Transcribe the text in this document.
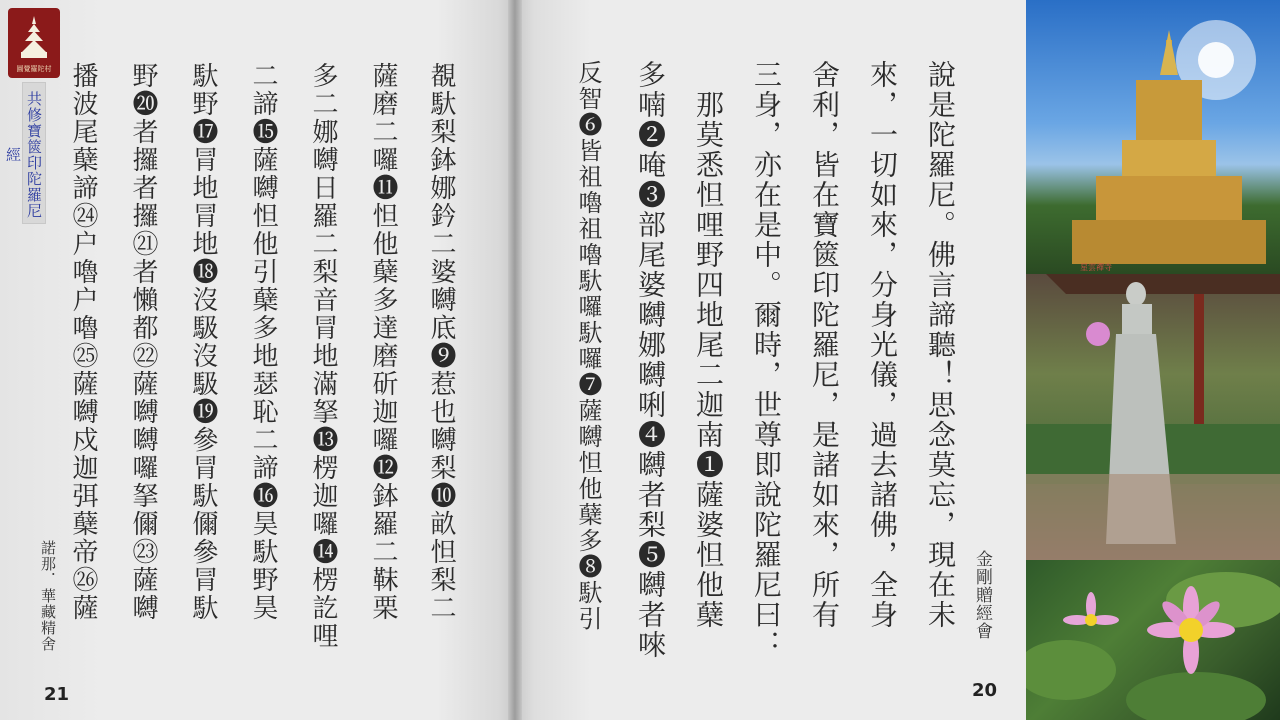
圓覺羅陀村
共修寶篋印陀羅尼經	說是陀羅尼。佛言諦聽！思念莫忘，現在未
來，一切如來，分身光儀，過去諸佛，全身
舍利，皆在寶篋印陀羅尼，是諸如來，所有
三身，亦在是中。爾時，世尊即說陀羅尼曰：
　那莫悉怛哩野四地尾二迦南❶薩婆怛他蘖
多喃❷唵❸部尾婆嚩娜嚩唎❹嚩者梨❺嚩者唻
反智❻皆祖嚕祖嚕馱囉馱囉❼薩嚩怛他蘖多❽馱引	金剛贈經會
20
覩馱梨鉢娜鈐二婆嚩底❾惹也嚩梨❿畝怛梨二
薩磨二囉⓫怛他蘖多達磨斫迦囉⓬鉢羅二靺栗
多二娜嚩日羅二梨音冐地滿拏⓭楞迦囉⓮楞訖哩
二諦⓯薩嚩怛他引蘖多地瑟恥二諦⓰昊馱野昊
馱野⓱冐地冐地⓲沒馺沒馺⓳參冐馱儞參冐馱
野⓴者攞者攞㉑者懶都㉒薩嚩嚩囉拏儞㉓薩嚩
播波尾蘖諦㉔户嚕户嚕㉕薩嚩戍迦弭蘖帝㉖薩
諾那．華藏精舍
21
星雲禪寺
